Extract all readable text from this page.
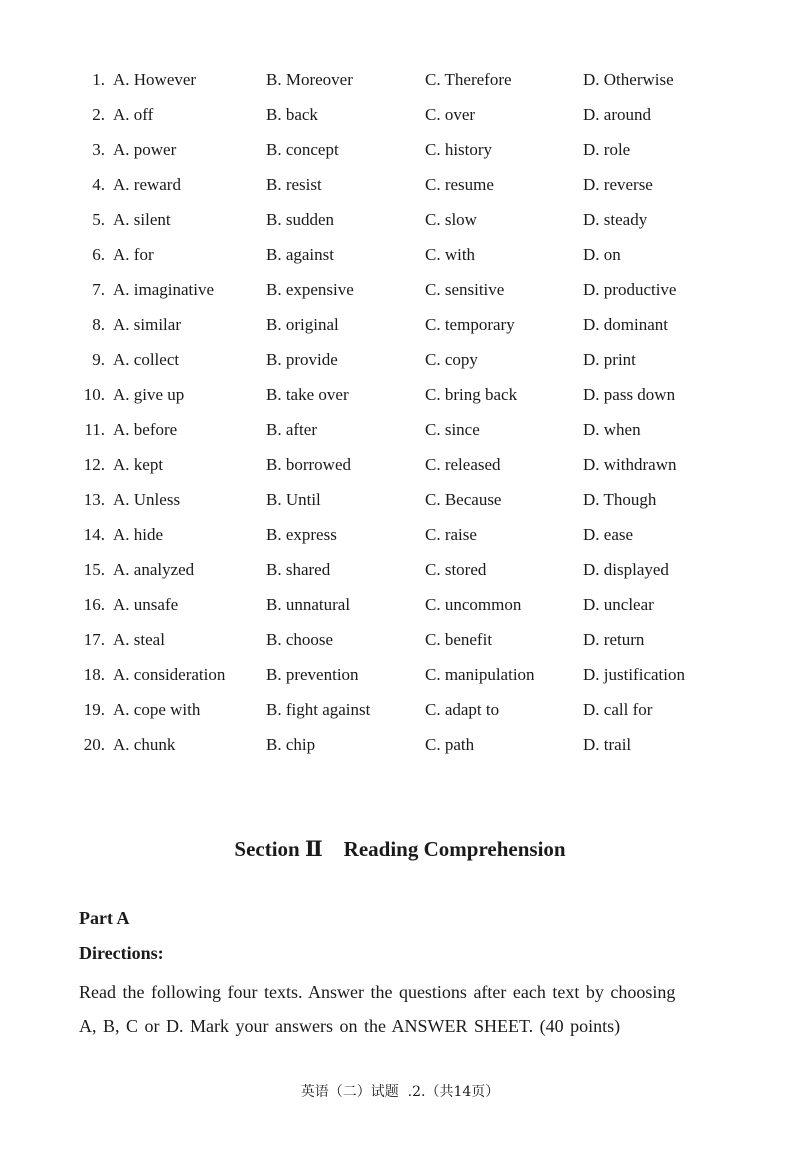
1. A. However	B. Moreover	C. Therefore	D. Otherwise
2. A. off	B. back	C. over	D. around
3. A. power	B. concept	C. history	D. role
4. A. reward	B. resist	C. resume	D. reverse
5. A. silent	B. sudden	C. slow	D. steady
6. A. for	B. against	C. with	D. on
7. A. imaginative	B. expensive	C. sensitive	D. productive
8. A. similar	B. original	C. temporary	D. dominant
9. A. collect	B. provide	C. copy	D. print
10. A. give up	B. take over	C. bring back	D. pass down
11. A. before	B. after	C. since	D. when
12. A. kept	B. borrowed	C. released	D. withdrawn
13. A. Unless	B. Until	C. Because	D. Though
14. A. hide	B. express	C. raise	D. ease
15. A. analyzed	B. shared	C. stored	D. displayed
16. A. unsafe	B. unnatural	C. uncommon	D. unclear
17. A. steal	B. choose	C. benefit	D. return
18. A. consideration B. prevention	C. manipulation	D. justification
19. A. cope with	B. fight against	C. adapt to	D. call for
20. A. chunk	B. chip	C. path	D. trail
Section Ⅱ    Reading Comprehension
Part A
Directions:
Read the following four texts. Answer the questions after each text by choosing
A, B, C or D. Mark your answers on the ANSWER SHEET. (40 points)
英语（二）试题  .2.（共14页）
